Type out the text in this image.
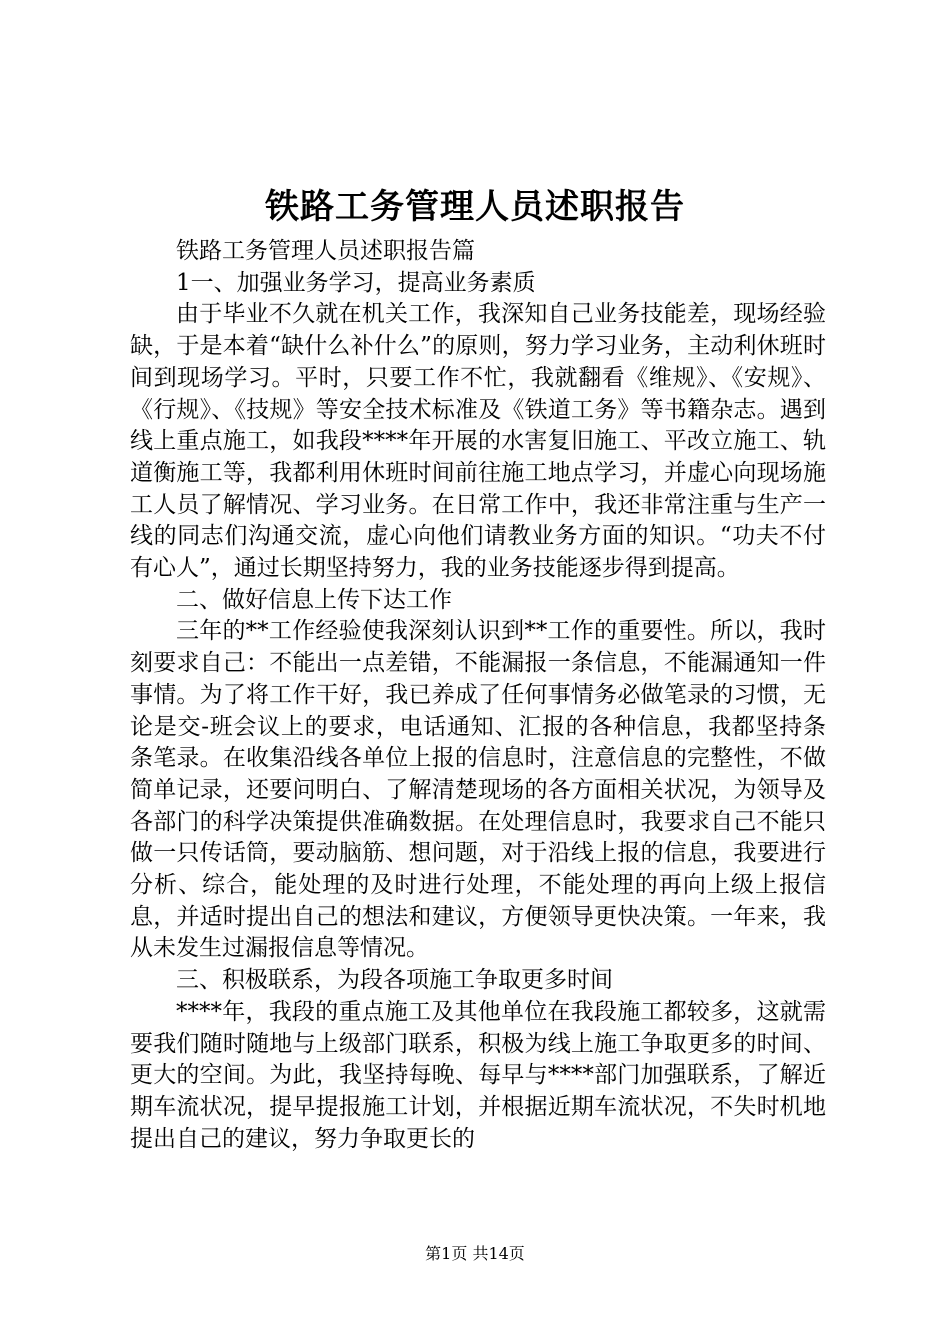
铁路工务管理人员述职报告

铁路工务管理人员述职报告篇

1一、加强业务学习，提高业务素质

由于毕业不久就在机关工作，我深知自己业务技能差，现场经验缺，于是本着“缺什么补什么”的原则，努力学习业务，主动利休班时间到现场学习。平时，只要工作不忙，我就翻看《维规》、《安规》、《行规》、《技规》等安全技术标准及《铁道工务》等书籍杂志。遇到线上重点施工，如我段****年开展的水害复旧施工、平改立施工、轨道衡施工等，我都利用休班时间前往施工地点学习，并虚心向现场施工人员了解情况、学习业务。在日常工作中，我还非常注重与生产一线的同志们沟通交流，虚心向他们请教业务方面的知识。“功夫不付有心人”，通过长期坚持努力，我的业务技能逐步得到提高。

二、做好信息上传下达工作

三年的**工作经验使我深刻认识到**工作的重要性。所以，我时刻要求自己：不能出一点差错，不能漏报一条信息，不能漏通知一件事情。为了将工作干好，我已养成了任何事情务必做笔录的习惯，无论是交-班会议上的要求，电话通知、汇报的各种信息，我都坚持条条笔录。在收集沿线各单位上报的信息时，注意信息的完整性，不做简单记录，还要问明白、了解清楚现场的各方面相关状况，为领导及各部门的科学决策提供准确数据。在处理信息时，我要求自己不能只做一只传话筒，要动脑筋、想问题，对于沿线上报的信息，我要进行分析、综合，能处理的及时进行处理，不能处理的再向上级上报信息，并适时提出自己的想法和建议，方便领导更快决策。一年来，我从未发生过漏报信息等情况。

三、积极联系，为段各项施工争取更多时间

****年，我段的重点施工及其他单位在我段施工都较多，这就需要我们随时随地与上级部门联系，积极为线上施工争取更多的时间、更大的空间。为此，我坚持每晚、每早与****部门加强联系，了解近期车流状况，提早提报施工计划，并根据近期车流状况，不失时机地提出自己的建议，努力争取更长的

第1页 共14页
